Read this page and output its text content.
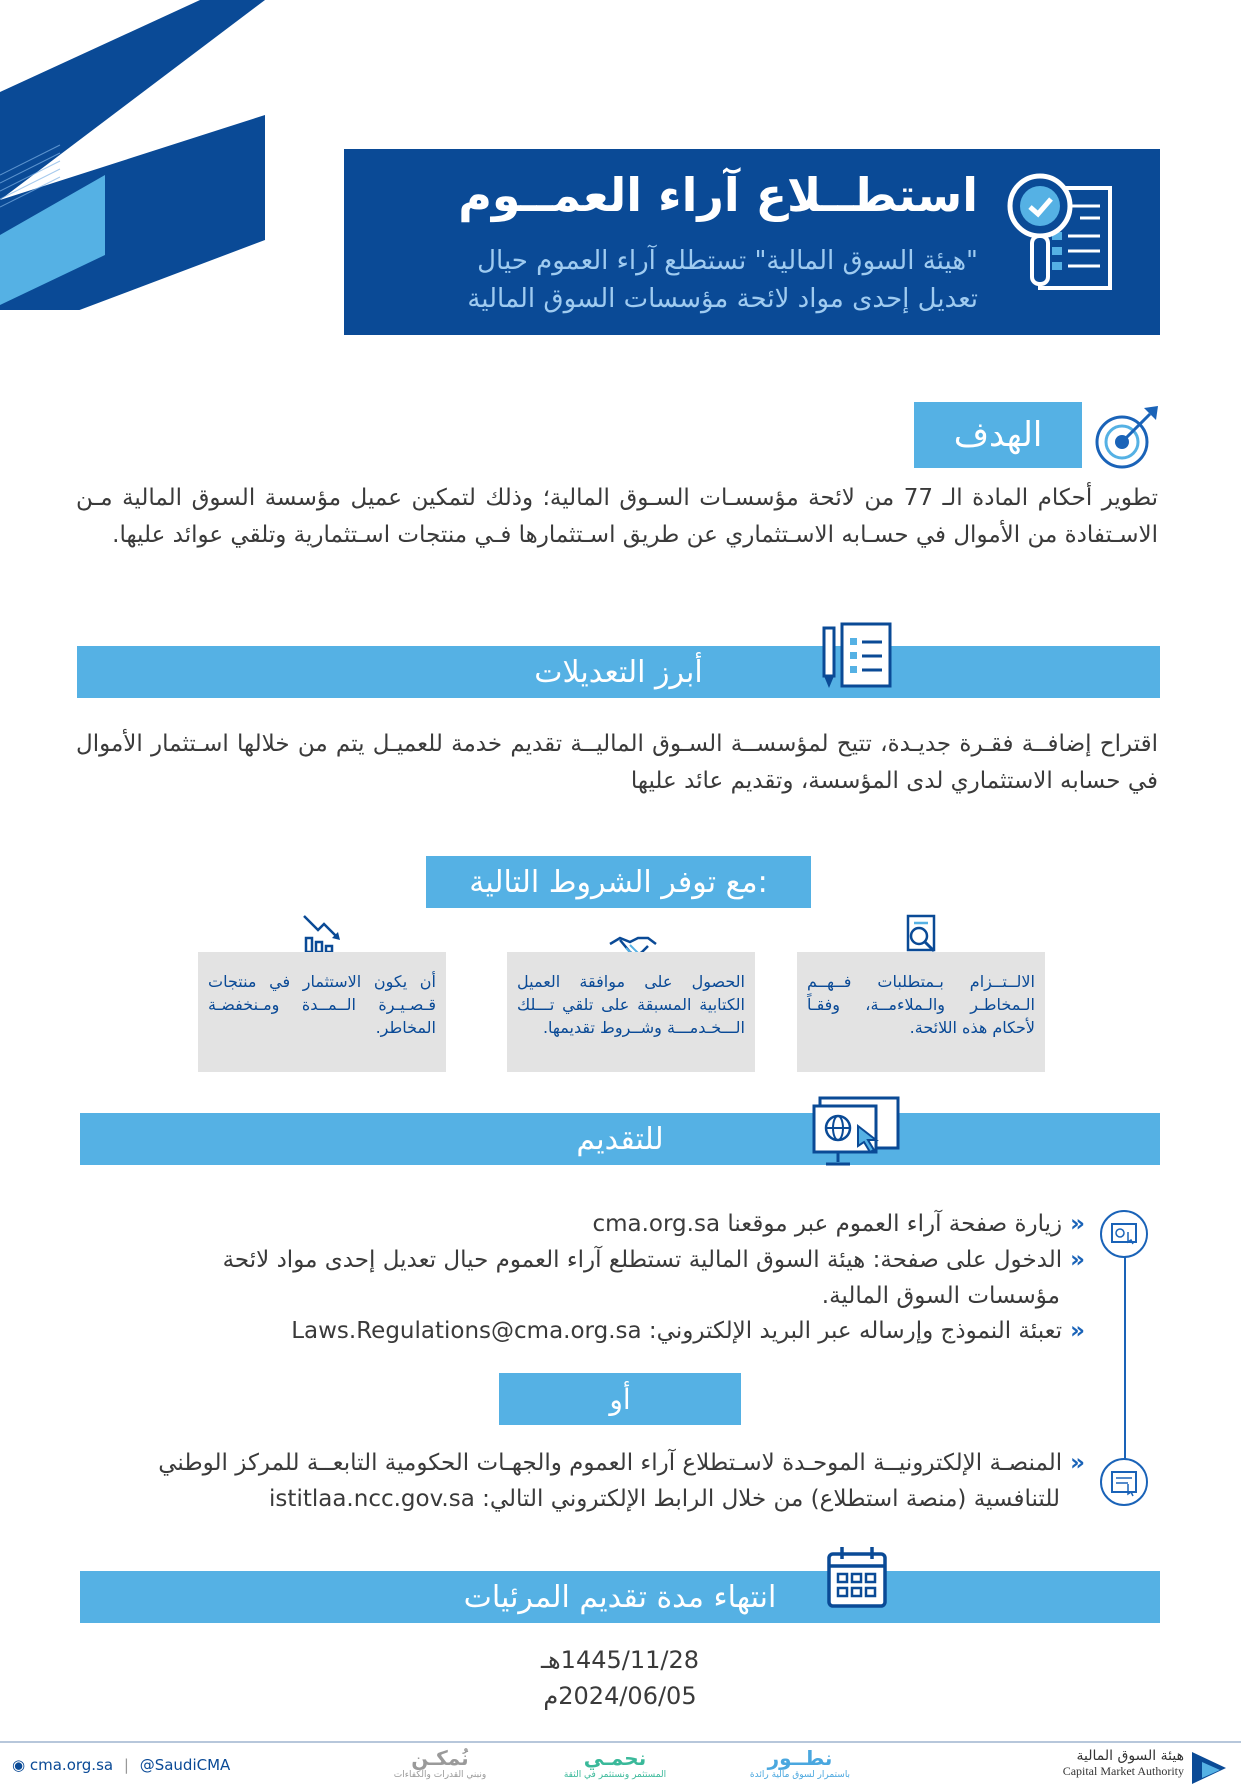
استطــلاع آراء العمــوم
"هيئة السوق المالية" تستطلع آراء العموم حيال
تعديل إحدى مواد لائحة مؤسسات السوق المالية
الهدف
تطوير أحكام المادة الـ 77 من لائحة مؤسسـات السـوق المالية؛ وذلك لتمكين عميل مؤسسة السوق المالية مـن الاسـتفادة من الأموال في حسـابه الاسـتثماري عن طريق اسـتثمارها فـي منتجات اسـتثمارية وتلقي عوائد عليها.
أبرز التعديلات
اقتراح إضافــة فقـرة جديـدة، تتيح لمؤسســة السـوق الماليــة تقديم خدمة للعميـل يتم من خلالها اسـتثمار الأموال في حسابه الاستثماري لدى المؤسسة، وتقديم عائد عليها
مع توفر الشروط التالية:
الالــتــزام بـمتطلبات فــهــم الـمخاطـر والـملاءمــة، وفقـاً لأحكام هذه اللائحة.
الحصول على موافقة العميل الكتابية المسبقة على تلقي تـــلك الـــخـدمـــة وشــروط تقديمها.
أن يكون الاستثمار في منتجات قـصـيـرة الــمــدة ومـنخفضـة المخاطر.
للتقديم
«زيارة صفحة آراء العموم عبر موقعنا cma.org.sa
«الدخول على صفحة: هيئة السوق المالية تستطلع آراء العموم حيال تعديل إحدى مواد لائحة
مؤسسات السوق المالية.
«تعبئة النموذج وإرساله عبر البريد الإلكتروني: Laws.Regulations@cma.org.sa
أو
«المنصـة الإلكترونيــة الموحـدة لاسـتطلاع آراء العموم والجهـات الحكومية التابعــة للمركز الوطني
للتنافسية (منصة استطلاع) من خلال الرابط الإلكتروني التالي: istitlaa.ncc.gov.sa
انتهاء مدة تقديم المرئيات
1445/11/28هـ
2024/06/05م
◉ cma.org.sa | @SaudiCMA	نُمكـن
ونبني القدرات والكفاءات
نحمـي
المستثمر ونستثمر في الثقة
نطــور
باستمرار لسوق مالية رائدة
هيئة السوق المالية
Capital Market Authority
